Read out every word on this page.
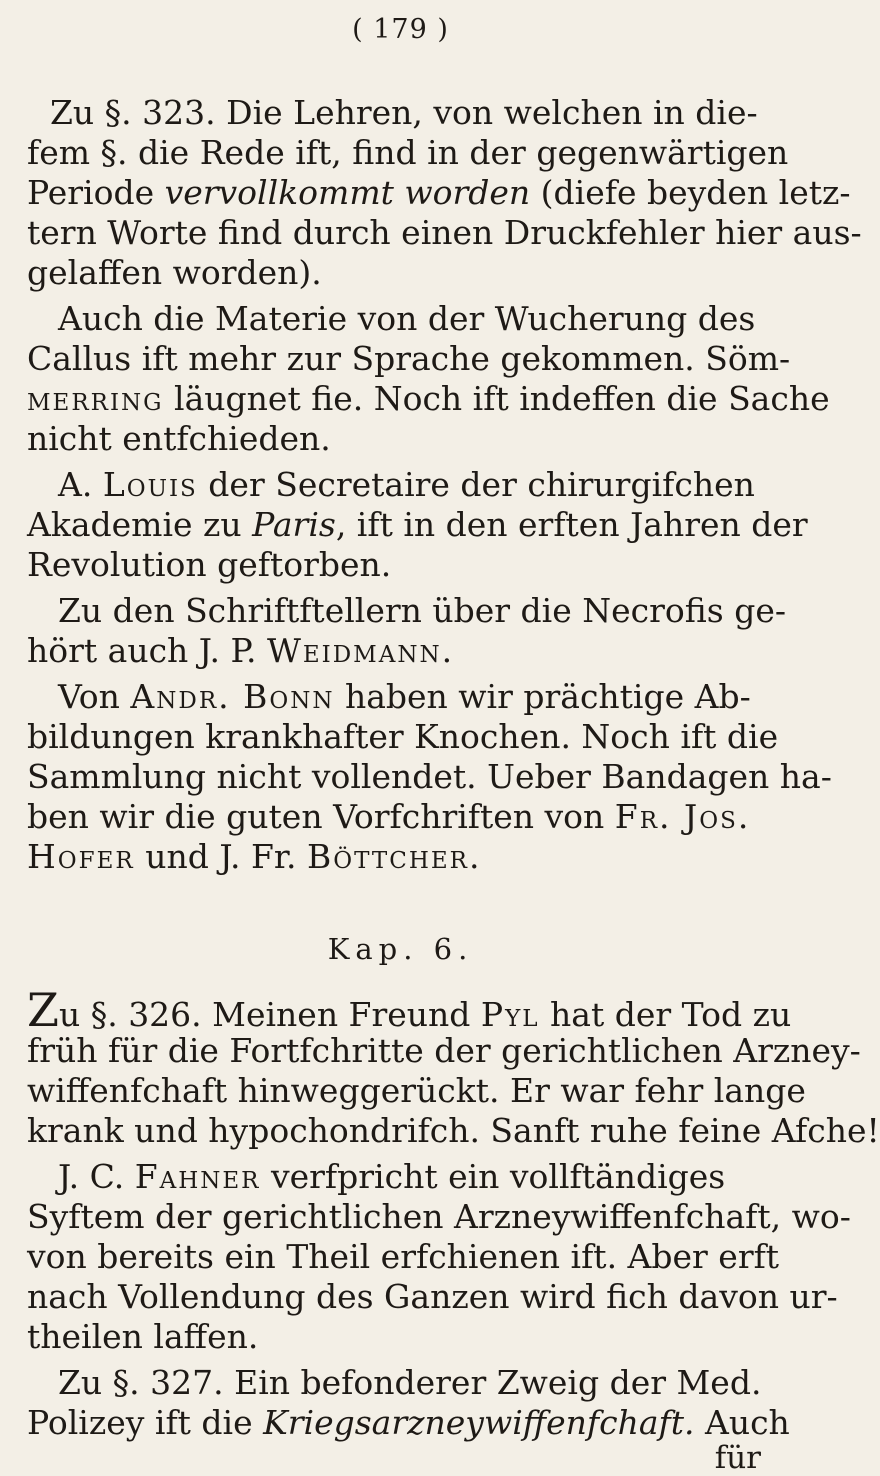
( 179 )
Zu §. 323. Die Lehren, von welchen in die-
fem §. die Rede ift, find in der gegenwärtigen
Periode vervollkommt worden (diefe beyden letz-
tern Worte find durch einen Druckfehler hier aus-
gelaffen worden).
Auch die Materie von der Wucherung des
Callus ift mehr zur Sprache gekommen. Söm-
merring läugnet fie. Noch ift indeffen die Sache
nicht entfchieden.
A. Louis der Secretaire der chirurgifchen
Akademie zu Paris, ift in den erften Jahren der
Revolution geftorben.
Zu den Schriftftellern über die Necrofis ge-
hört auch J. P. Weidmann.
Von Andr. Bonn haben wir prächtige Ab-
bildungen krankhafter Knochen. Noch ift die
Sammlung nicht vollendet. Ueber Bandagen ha-
ben wir die guten Vorfchriften von Fr. Jos.
Hofer und J. Fr. Böttcher.
Kap. 6.
Zu §. 326. Meinen Freund Pyl hat der Tod zu
früh für die Fortfchritte der gerichtlichen Arzney-
wiffenfchaft hinweggerückt. Er war fehr lange
krank und hypochondrifch. Sanft ruhe feine Afche!
J. C. Fahner verfpricht ein vollftändiges
Syftem der gerichtlichen Arzneywiffenfchaft, wo-
von bereits ein Theil erfchienen ift. Aber erft
nach Vollendung des Ganzen wird fich davon ur-
theilen laffen.
Zu §. 327. Ein befonderer Zweig der Med.
Polizey ift die Kriegsarzneywiffenfchaft. Auch
für
